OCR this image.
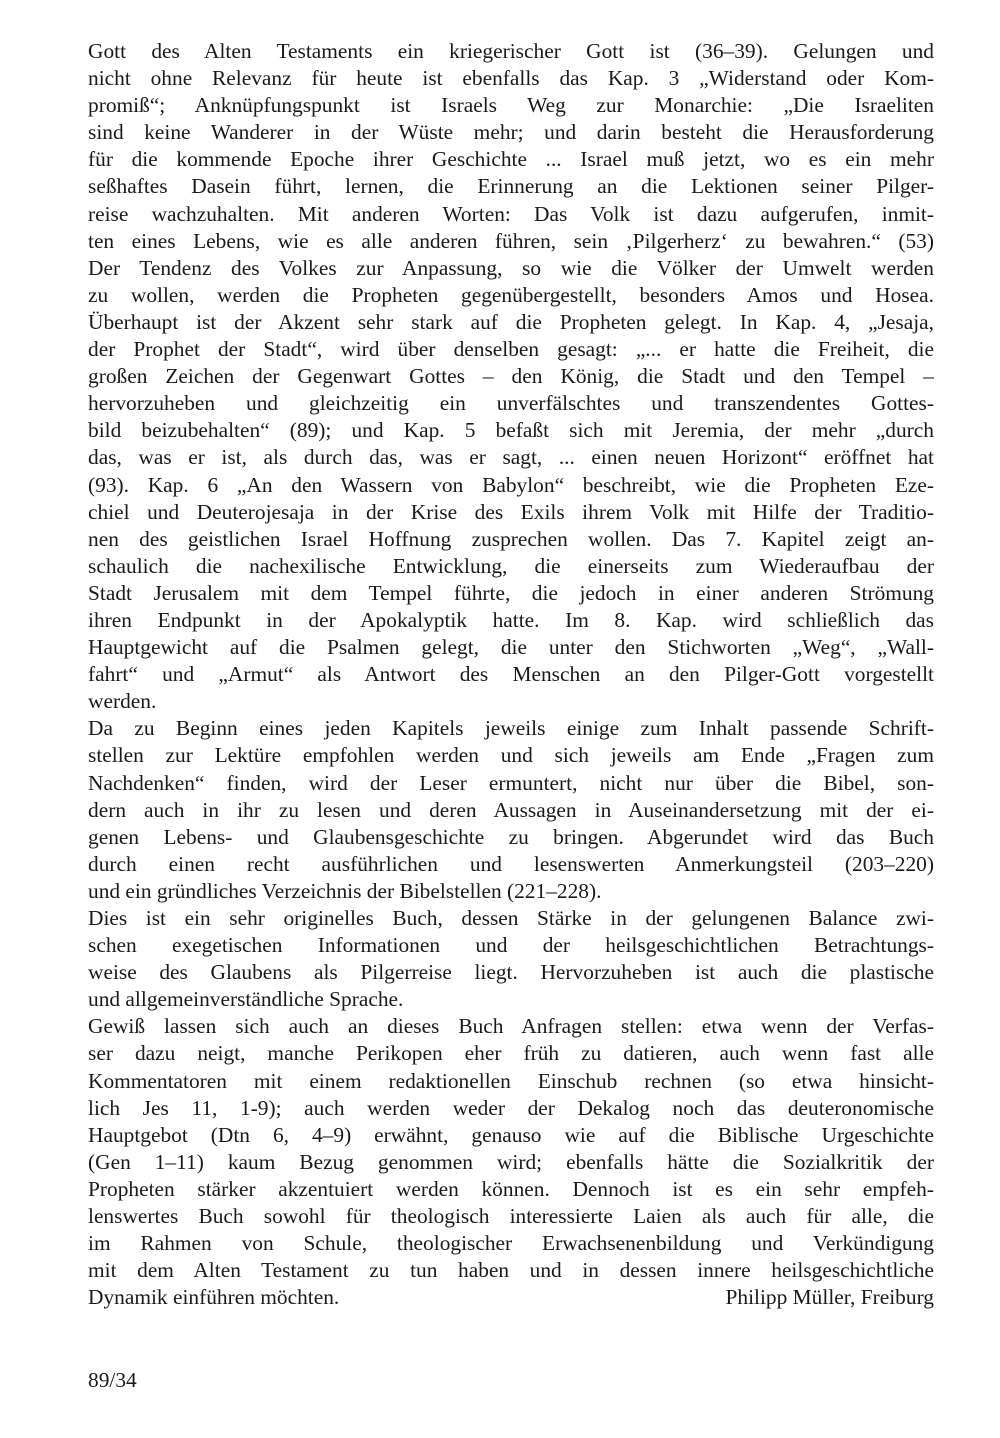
Gott des Alten Testaments ein kriegerischer Gott ist (36–39). Gelungen und
nicht ohne Relevanz für heute ist ebenfalls das Kap. 3 „Widerstand oder Kom-
promiß“; Anknüpfungspunkt ist Israels Weg zur Monarchie: „Die Israeliten
sind keine Wanderer in der Wüste mehr; und darin besteht die Herausforderung
für die kommende Epoche ihrer Geschichte ... Israel muß jetzt, wo es ein mehr
seßhaftes Dasein führt, lernen, die Erinnerung an die Lektionen seiner Pilger-
reise wachzuhalten. Mit anderen Worten: Das Volk ist dazu aufgerufen, inmit-
ten eines Lebens, wie es alle anderen führen, sein ‚Pilgerherz‘ zu bewahren.“ (53)
Der Tendenz des Volkes zur Anpassung, so wie die Völker der Umwelt werden
zu wollen, werden die Propheten gegenübergestellt, besonders Amos und Hosea.
Überhaupt ist der Akzent sehr stark auf die Propheten gelegt. In Kap. 4, „Jesaja,
der Prophet der Stadt“, wird über denselben gesagt: „... er hatte die Freiheit, die
großen Zeichen der Gegenwart Gottes – den König, die Stadt und den Tempel –
hervorzuheben und gleichzeitig ein unverfälschtes und transzendentes Gottes-
bild beizubehalten“ (89); und Kap. 5 befaßt sich mit Jeremia, der mehr „durch
das, was er ist, als durch das, was er sagt, ... einen neuen Horizont“ eröffnet hat
(93). Kap. 6 „An den Wassern von Babylon“ beschreibt, wie die Propheten Eze-
chiel und Deuterojesaja in der Krise des Exils ihrem Volk mit Hilfe der Traditio-
nen des geistlichen Israel Hoffnung zusprechen wollen. Das 7. Kapitel zeigt an-
schaulich die nachexilische Entwicklung, die einerseits zum Wiederaufbau der
Stadt Jerusalem mit dem Tempel führte, die jedoch in einer anderen Strömung
ihren Endpunkt in der Apokalyptik hatte. Im 8. Kap. wird schließlich das
Hauptgewicht auf die Psalmen gelegt, die unter den Stichworten „Weg“, „Wall-
fahrt“ und „Armut“ als Antwort des Menschen an den Pilger-Gott vorgestellt
werden.
Da zu Beginn eines jeden Kapitels jeweils einige zum Inhalt passende Schrift-
stellen zur Lektüre empfohlen werden und sich jeweils am Ende „Fragen zum
Nachdenken“ finden, wird der Leser ermuntert, nicht nur über die Bibel, son-
dern auch in ihr zu lesen und deren Aussagen in Auseinandersetzung mit der ei-
genen Lebens- und Glaubensgeschichte zu bringen. Abgerundet wird das Buch
durch einen recht ausführlichen und lesenswerten Anmerkungsteil (203–220)
und ein gründliches Verzeichnis der Bibelstellen (221–228).
Dies ist ein sehr originelles Buch, dessen Stärke in der gelungenen Balance zwi-
schen exegetischen Informationen und der heilsgeschichtlichen Betrachtungs-
weise des Glaubens als Pilgerreise liegt. Hervorzuheben ist auch die plastische
und allgemeinverständliche Sprache.
Gewiß lassen sich auch an dieses Buch Anfragen stellen: etwa wenn der Verfas-
ser dazu neigt, manche Perikopen eher früh zu datieren, auch wenn fast alle
Kommentatoren mit einem redaktionellen Einschub rechnen (so etwa hinsicht-
lich Jes 11, 1-9); auch werden weder der Dekalog noch das deuteronomische
Hauptgebot (Dtn 6, 4–9) erwähnt, genauso wie auf die Biblische Urgeschichte
(Gen 1–11) kaum Bezug genommen wird; ebenfalls hätte die Sozialkritik der
Propheten stärker akzentuiert werden können. Dennoch ist es ein sehr empfeh-
lenswertes Buch sowohl für theologisch interessierte Laien als auch für alle, die
im Rahmen von Schule, theologischer Erwachsenenbildung und Verkündigung
mit dem Alten Testament zu tun haben und in dessen innere heilsgeschichtliche
Dynamik einführen möchten.	Philipp Müller, Freiburg
89/34
